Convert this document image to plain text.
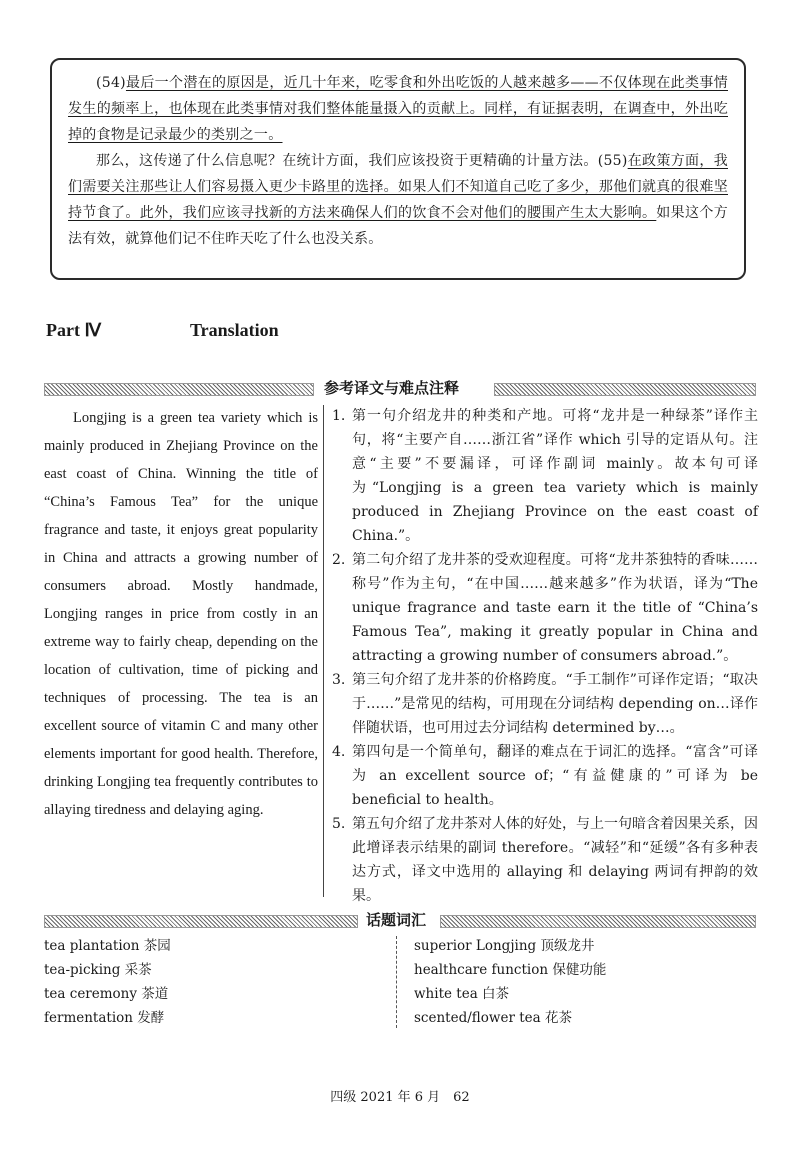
(54)最后一个潜在的原因是，近几十年来，吃零食和外出吃饭的人越来越多——不仅体现在此类事情发生的频率上，也体现在此类事情对我们整体能量摄入的贡献上。同样，有证据表明，在调查中，外出吃掉的食物是记录最少的类别之一。

那么，这传递了什么信息呢？在统计方面，我们应该投资于更精确的计量方法。(55)在政策方面，我们需要关注那些让人们容易摄入更少卡路里的选择。如果人们不知道自己吃了多少，那他们就真的很难坚持节食了。此外，我们应该寻找新的方法来确保人们的饮食不会对他们的腰围产生太大影响。如果这个方法有效，就算他们记不住昨天吃了什么也没关系。

Part Ⅳ	Translation
参考译文与难点注释

Longjing is a green tea variety which is mainly produced in Zhejiang Province on the east coast of China. Winning the title of “China’s Famous Tea” for the unique fragrance and taste, it enjoys great popularity in China and attracts a growing number of consumers abroad. Mostly handmade, Longjing ranges in price from costly in an extreme way to fairly cheap, depending on the location of cultivation, time of picking and techniques of processing. The tea is an excellent source of vitamin C and many other elements important for good health. Therefore, drinking Longjing tea frequently contributes to allaying tiredness and delaying aging.

1. 第一句介绍龙井的种类和产地。可将“龙井是一种绿茶”译作主句，将“主要产自……浙江省”译作 which 引导的定语从句。注意“主要”不要漏译，可译作副词 mainly。故本句可译为“Longjing is a green tea variety which is mainly produced in Zhejiang Province on the east coast of China.”。
2. 第二句介绍了龙井茶的受欢迎程度。可将“龙井茶独特的香味……称号”作为主句，“在中国……越来越多”作为状语，译为“The unique fragrance and taste earn it the title of “China’s Famous Tea”, making it greatly popular in China and attracting a growing number of consumers abroad.”。
3. 第三句介绍了龙井茶的价格跨度。“手工制作”可译作定语；“取决于……”是常见的结构，可用现在分词结构 depending on…译作伴随状语，也可用过去分词结构 determined by…。
4. 第四句是一个简单句，翻译的难点在于词汇的选择。“富含”可译为 an excellent source of；“有益健康的”可译为 be beneficial to health。
5. 第五句介绍了龙井茶对人体的好处，与上一句暗含着因果关系，因此增译表示结果的副词 therefore。“减轻”和“延缓”各有多种表达方式，译文中选用的 allaying 和 delaying 两词有押韵的效果。
话题词汇
tea plantation 茶园
tea-picking 采茶
tea ceremony 茶道
fermentation 发酵
superior Longjing 顶级龙井
healthcare function 保健功能
white tea 白茶
scented/flower tea 花茶
四级 2021 年 6 月　62
